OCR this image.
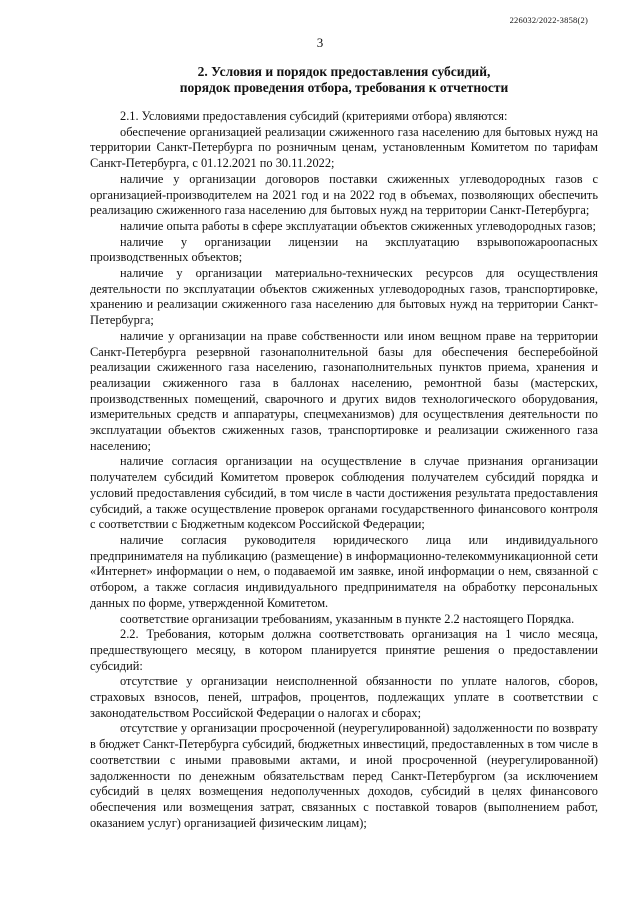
226032/2022-3858(2)
3
2. Условия и порядок предоставления субсидий,
порядок проведения отбора, требования к отчетности

2.1. Условиями предоставления субсидий (критериями отбора) являются:

обеспечение организацией реализации сжиженного газа населению для бытовых нужд на территории Санкт-Петербурга по розничным ценам, установленным Комитетом по тарифам Санкт-Петербурга, с 01.12.2021 по 30.11.2022;

наличие у организации договоров поставки сжиженных углеводородных газов с организацией-производителем на 2021 год и на 2022 год в объемах, позволяющих обеспечить реализацию сжиженного газа населению для бытовых нужд на территории Санкт-Петербурга;

наличие опыта работы в сфере эксплуатации объектов сжиженных углеводородных газов;

наличие у организации лицензии на эксплуатацию взрывопожароопасных производственных объектов;

наличие у организации материально-технических ресурсов для осуществления деятельности по эксплуатации объектов сжиженных углеводородных газов, транспортировке, хранению и реализации сжиженного газа населению для бытовых нужд на территории Санкт-Петербурга;

наличие у организации на праве собственности или ином вещном праве на территории Санкт-Петербурга резервной газонаполнительной базы для обеспечения бесперебойной реализации сжиженного газа населению, газонаполнительных пунктов приема, хранения и реализации сжиженного газа в баллонах населению, ремонтной базы (мастерских, производственных помещений, сварочного и других видов технологического оборудования, измерительных средств и аппаратуры, спецмеханизмов) для осуществления деятельности по эксплуатации объектов сжиженных газов, транспортировке и реализации сжиженного газа населению;

наличие согласия организации на осуществление в случае признания организации получателем субсидий Комитетом проверок соблюдения получателем субсидий порядка и условий предоставления субсидий, в том числе в части достижения результата предоставления субсидий, а также осуществление проверок органами государственного финансового контроля с соответствии с Бюджетным кодексом Российской Федерации;

наличие согласия руководителя юридического лица или индивидуального предпринимателя на публикацию (размещение) в информационно-телекоммуникационной сети «Интернет» информации о нем, о подаваемой им заявке, иной информации о нем, связанной с отбором, а также согласия индивидуального предпринимателя на обработку персональных данных по форме, утвержденной Комитетом.

соответствие организации требованиям, указанным в пункте 2.2 настоящего Порядка.

2.2. Требования, которым должна соответствовать организация на 1 число месяца, предшествующего месяцу, в котором планируется принятие решения о предоставлении субсидий:

отсутствие у организации неисполненной обязанности по уплате налогов, сборов, страховых взносов, пеней, штрафов, процентов, подлежащих уплате в соответствии с законодательством Российской Федерации о налогах и сборах;

отсутствие у организации просроченной (неурегулированной) задолженности по возврату в бюджет Санкт-Петербурга субсидий, бюджетных инвестиций, предоставленных в том числе в соответствии с иными правовыми актами, и иной просроченной (неурегулированной) задолженности по денежным обязательствам перед Санкт-Петербургом (за исключением субсидий в целях возмещения недополученных доходов, субсидий в целях финансового обеспечения или возмещения затрат, связанных с поставкой товаров (выполнением работ, оказанием услуг) организацией физическим лицам);
